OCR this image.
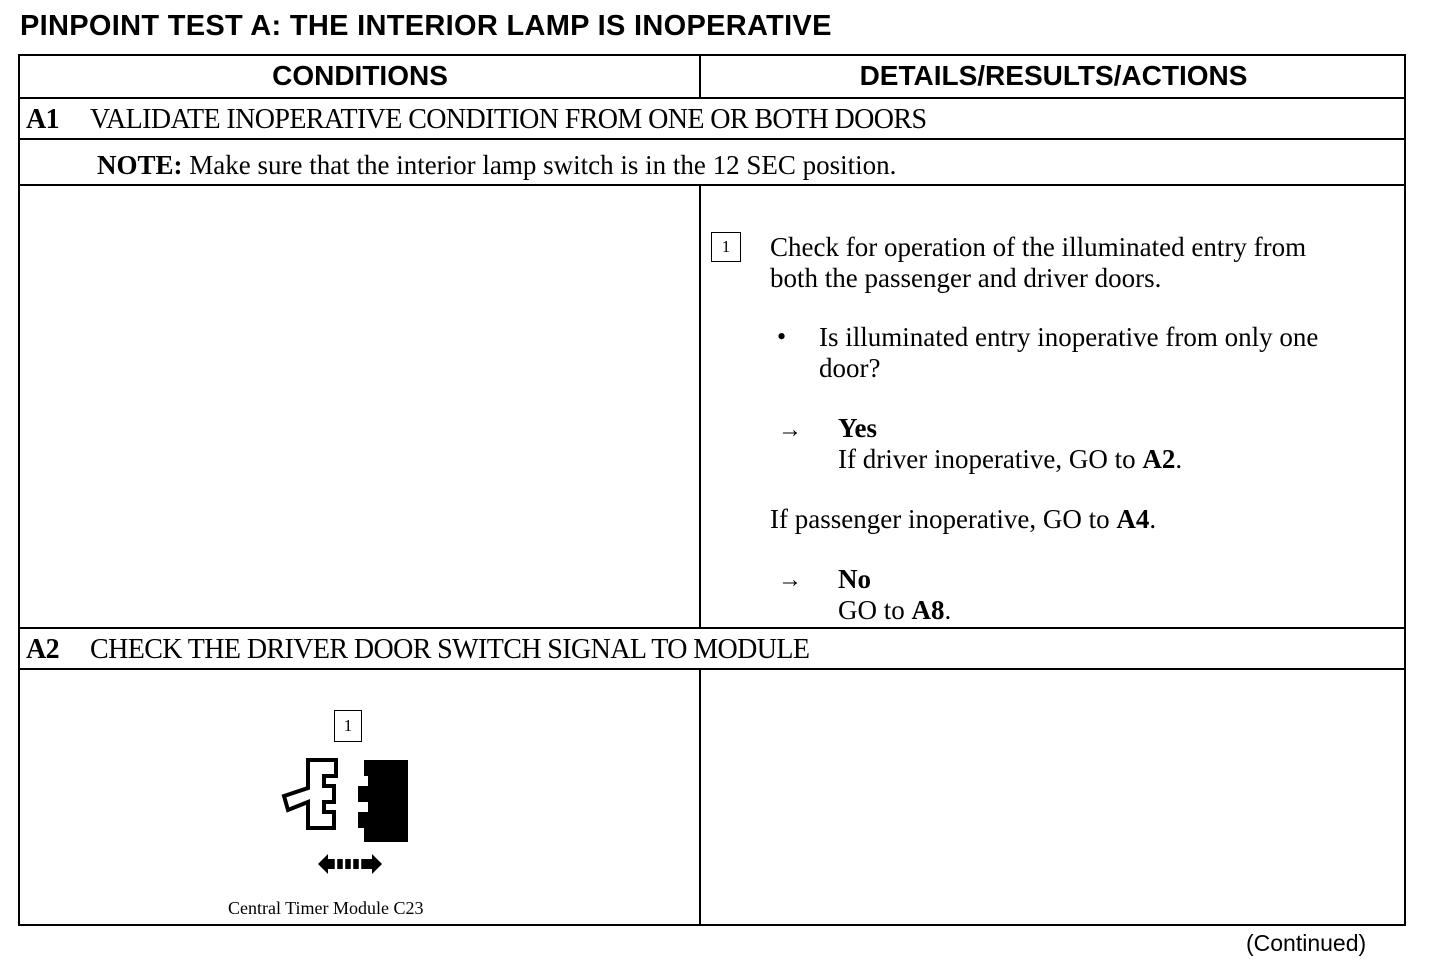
PINPOINT TEST A: THE INTERIOR LAMP IS INOPERATIVE
CONDITIONS	DETAILS/RESULTS/ACTIONS
A1 VALIDATE INOPERATIVE CONDITION FROM ONE OR BOTH DOORS
NOTE: Make sure that the interior lamp switch is in the 12 SEC position.
1	Check for operation of the illuminated entry from
both the passenger and driver doors.
• Is illuminated entry inoperative from only one
door?
→ Yes
If driver inoperative, GO to A2.
If passenger inoperative, GO to A4.
→ No
GO to A8.
A2 CHECK THE DRIVER DOOR SWITCH SIGNAL TO MODULE
1
Central Timer Module C23
(Continued)
